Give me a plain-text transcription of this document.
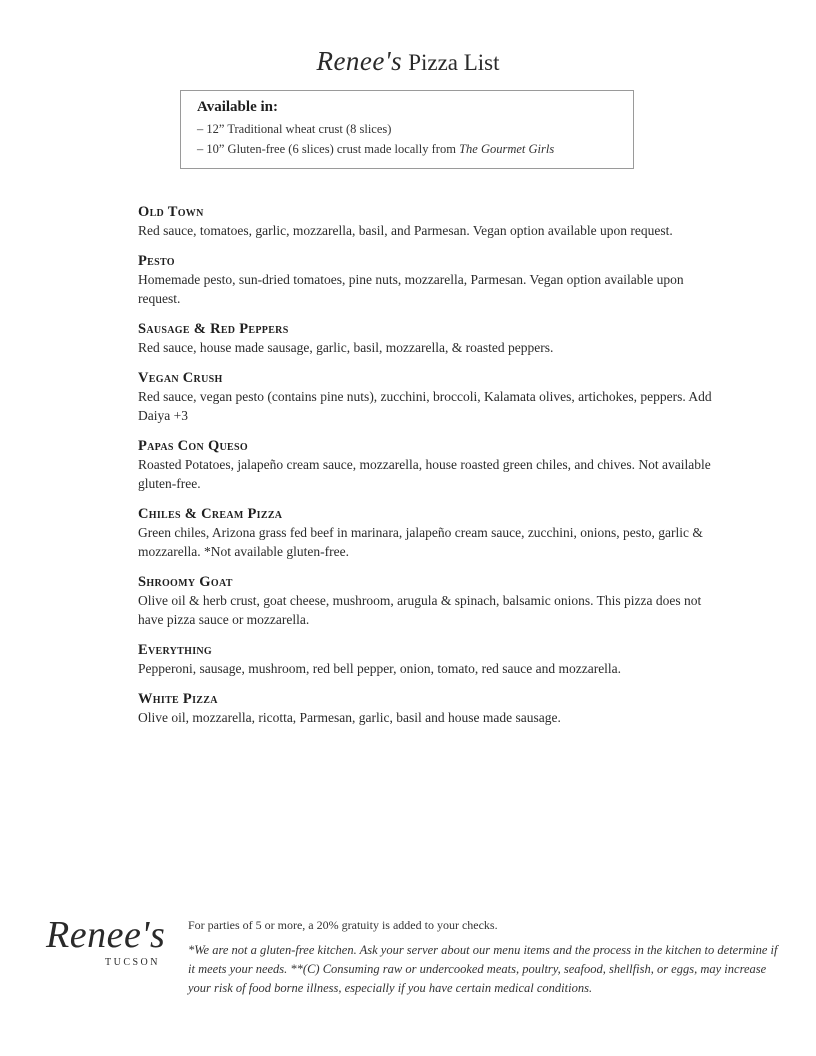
Renee's Pizza List
Available in:
– 12” Traditional wheat crust (8 slices)
– 10” Gluten-free (6 slices) crust made locally from The Gourmet Girls
Old Town
Red sauce, tomatoes, garlic, mozzarella, basil, and Parmesan. Vegan option available upon request.
Pesto
Homemade pesto, sun-dried tomatoes, pine nuts, mozzarella, Parmesan. Vegan option available upon request.
Sausage & Red Peppers
Red sauce, house made sausage, garlic, basil, mozzarella, & roasted peppers.
Vegan Crush
Red sauce, vegan pesto (contains pine nuts), zucchini, broccoli, Kalamata olives, artichokes, peppers. Add Daiya +3
Papas Con Queso
Roasted Potatoes, jalapeño cream sauce, mozzarella, house roasted green chiles, and chives. Not available gluten-free.
Chiles & Cream Pizza
Green chiles, Arizona grass fed beef in marinara, jalapeño cream sauce, zucchini, onions, pesto, garlic & mozzarella. *Not available gluten-free.
Shroomy Goat
Olive oil & herb crust, goat cheese, mushroom, arugula & spinach, balsamic onions. This pizza does not have pizza sauce or mozzarella.
Everything
Pepperoni, sausage, mushroom, red bell pepper, onion, tomato, red sauce and mozzarella.
White Pizza
Olive oil, mozzarella, ricotta, Parmesan, garlic, basil and house made sausage.
Renee's
TUCSON
For parties of 5 or more, a 20% gratuity is added to your checks.
*We are not a gluten-free kitchen. Ask your server about our menu items and the process in the kitchen to determine if it meets your needs. **(C) Consuming raw or undercooked meats, poultry, seafood, shellfish, or eggs, may increase your risk of food borne illness, especially if you have certain medical conditions.
